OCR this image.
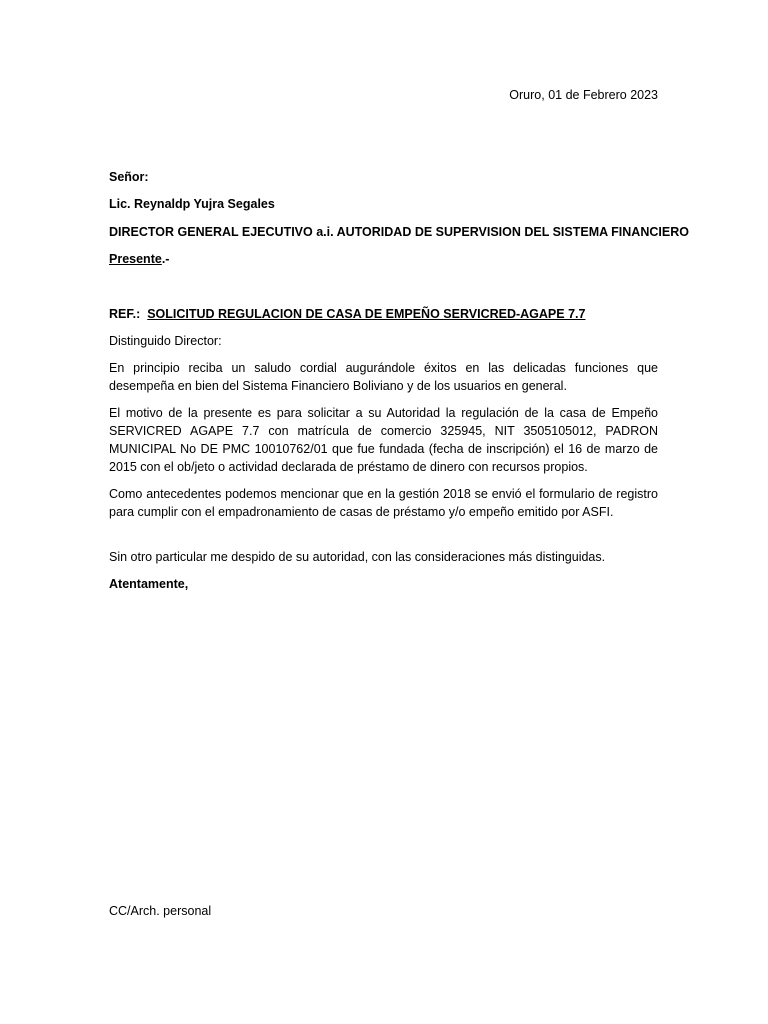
Oruro, 01 de Febrero 2023
Señor:
Lic. Reynaldp Yujra Segales
DIRECTOR GENERAL EJECUTIVO a.i. AUTORIDAD DE SUPERVISION DEL SISTEMA FINANCIERO
Presente.-
REF.: SOLICITUD REGULACION DE CASA DE EMPEÑO SERVICRED-AGAPE 7.7
Distinguido Director:
En principio reciba un saludo cordial augurándole éxitos en las delicadas funciones que desempeña en bien del Sistema Financiero Boliviano y de los usuarios en general.
El motivo de la presente es para solicitar a su Autoridad la regulación de la casa de Empeño SERVICRED AGAPE 7.7 con matrícula de comercio 325945, NIT 3505105012, PADRON MUNICIPAL No DE PMC 10010762/01 que fue fundada (fecha de inscripción) el 16 de marzo de 2015 con el ob/jeto o actividad declarada de préstamo de dinero con recursos propios.
Como antecedentes podemos mencionar que en la gestión 2018 se envió el formulario de registro para cumplir con el empadronamiento de casas de préstamo y/o empeño emitido por ASFI.
Sin otro particular me despido de su autoridad, con las consideraciones más distinguidas.
Atentamente,
CC/Arch. personal
